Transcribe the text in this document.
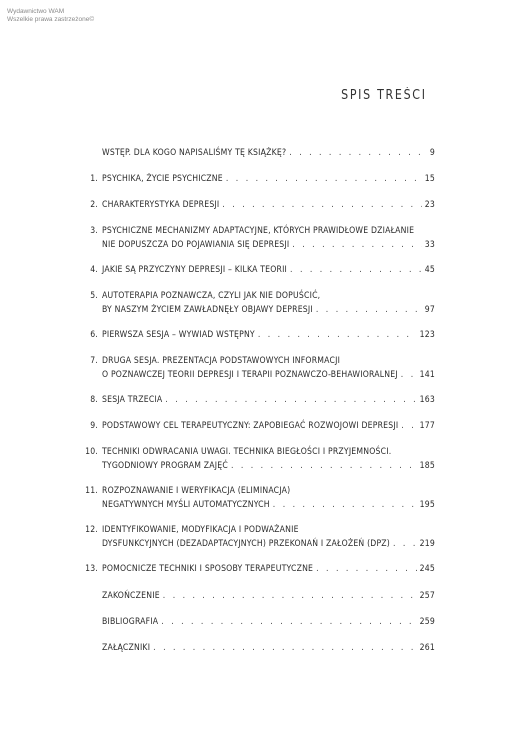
Wydawnictwo WAM
Wszelkie prawa zastrzeżone©
SPIS TREŚCI
WSTĘP. DLA KOGO NAPISALIŚMY TĘ KSIĄŻKĘ? . . .	9
1. PSYCHIKA, ŻYCIE PSYCHICZNE . . .	15
2. CHARAKTERYSTYKA DEPRESJI . . .	23
3. PSYCHICZNE MECHANIZMY ADAPTACYJNE, KTÓRYCH PRAWIDŁOWE DZIAŁANIE
NIE DOPUSZCZA DO POJAWIANIA SIĘ DEPRESJI . . .	33
4. JAKIE SĄ PRZYCZYNY DEPRESJI – KILKA TEORII . . .	45
5. AUTOTERAPIA POZNAWCZA, CZYLI JAK NIE DOPUŚCIĆ,
BY NASZYM ŻYCIEM ZAWŁADNĘŁY OBJAWY DEPRESJI . . .	97
6. PIERWSZA SESJA – WYWIAD WSTĘPNY . . .	123
7. DRUGA SESJA. PREZENTACJA PODSTAWOWYCH INFORMACJI
O POZNAWCZEJ TEORII DEPRESJI I TERAPII POZNAWCZO-BEHAWIORALNEJ . . .	141
8. SESJA TRZECIA . . .	163
9. PODSTAWOWY CEL TERAPEUTYCZNY: ZAPOBIEGAĆ ROZWOJOWI DEPRESJI . . . 177
10. TECHNIKI ODWRACANIA UWAGI. TECHNIKA BIEGŁOŚCI I PRZYJEMNOŚCI.
TYGODNIOWY PROGRAM ZAJĘĆ . . .	185
11. ROZPOZNAWANIE I WERYFIKACJA (ELIMINACJA)
NEGATYWNYCH MYŚLI AUTOMATYCZNYCH . . .	195
12. IDENTYFIKOWANIE, MODYFIKACJA I PODWAŻANIE
DYSFUNKCYJNYCH (DEZADAPTACYJNYCH) PRZEKONAŃ I ZAŁOŻEŃ (DPZ) . . .	219
13. POMOCNICZE TECHNIKI I SPOSOBY TERAPEUTYCZNE . . .	245
ZAKOŃCZENIE . . .	257
BIBLIOGRAFIA . . .	259
ZAŁĄCZNIKI . . .	261
